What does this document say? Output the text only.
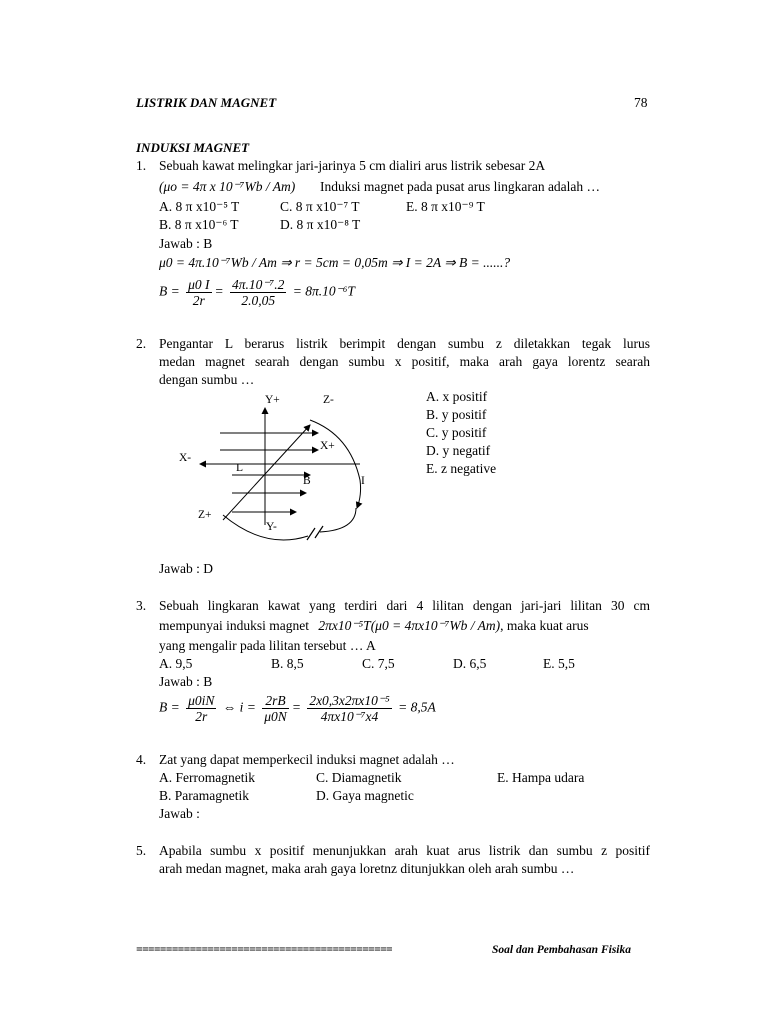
LISTRIK DAN MAGNET	78
INDUKSI MAGNET
1. Sebuah kawat melingkar jari-jarinya 5 cm dialiri arus listrik sebesar 2A
(μo = 4π x 10⁻⁷Wb / Am) Induksi magnet pada pusat arus lingkaran adalah …
A. 8 π x10⁻⁵ T
B. 8 π x10⁻⁶ T
C. 8 π x10⁻⁷ T
D. 8 π x10⁻⁸ T
E. 8 π x10⁻⁹ T
Jawab : B
μ0 = 4π.10⁻⁷Wb / Am ⇒ r = 5cm = 0,05m ⇒ I = 2A ⇒ B = ......?
$B = \frac{\mu 0 I}{2r} = \frac{\text{4π.10⁻⁷.2}}{2.0,05} = 8\pi.10^{-6}T$
2. Pengantar L berarus listrik berimpit dengan sumbu z diletakkan tegak lurus
medan magnet searah dengan sumbu x positif, maka arah gaya lorentz searah
dengan sumbu …
Y+	Z-
X+
X-
L
B	I
Z+
Y-
A. x positif
B. y positif
C. y positif
D. y negatif
E. z negative
Jawab : D
3. Sebuah lingkaran kawat yang terdiri dari 4 lilitan dengan jari-jari lilitan 30 cm
mempunyai induksi magnet 2πx10⁻⁵T(μ0 = 4πx10⁻⁷Wb / Am), maka kuat arus
yang mengalir pada lilitan tersebut … A
A. 9,5	B. 8,5	C. 7,5	D. 6,5	E. 5,5
Jawab : B
$B = \frac{\mu 0iN}{2r}$ ⇔ $i = \frac{2rB}{\mu 0N} = \frac{\text{2x0,3x2πx10⁻⁵}}{\text{4πx10⁻⁷x4}} = 8,5A$
4. Zat yang dapat memperkecil induksi magnet adalah …
A. Ferromagnetik
B. Paramagnetik
C. Diamagnetik
D. Gaya magnetic
E. Hampa udara
Jawab :
5. Apabila sumbu x positif menunjukkan arah kuat arus listrik dan sumbu z positif
arah medan magnet, maka arah gaya loretnz ditunjukkan oleh arah sumbu …
===========================================	Soal dan Pembahasan Fisika
